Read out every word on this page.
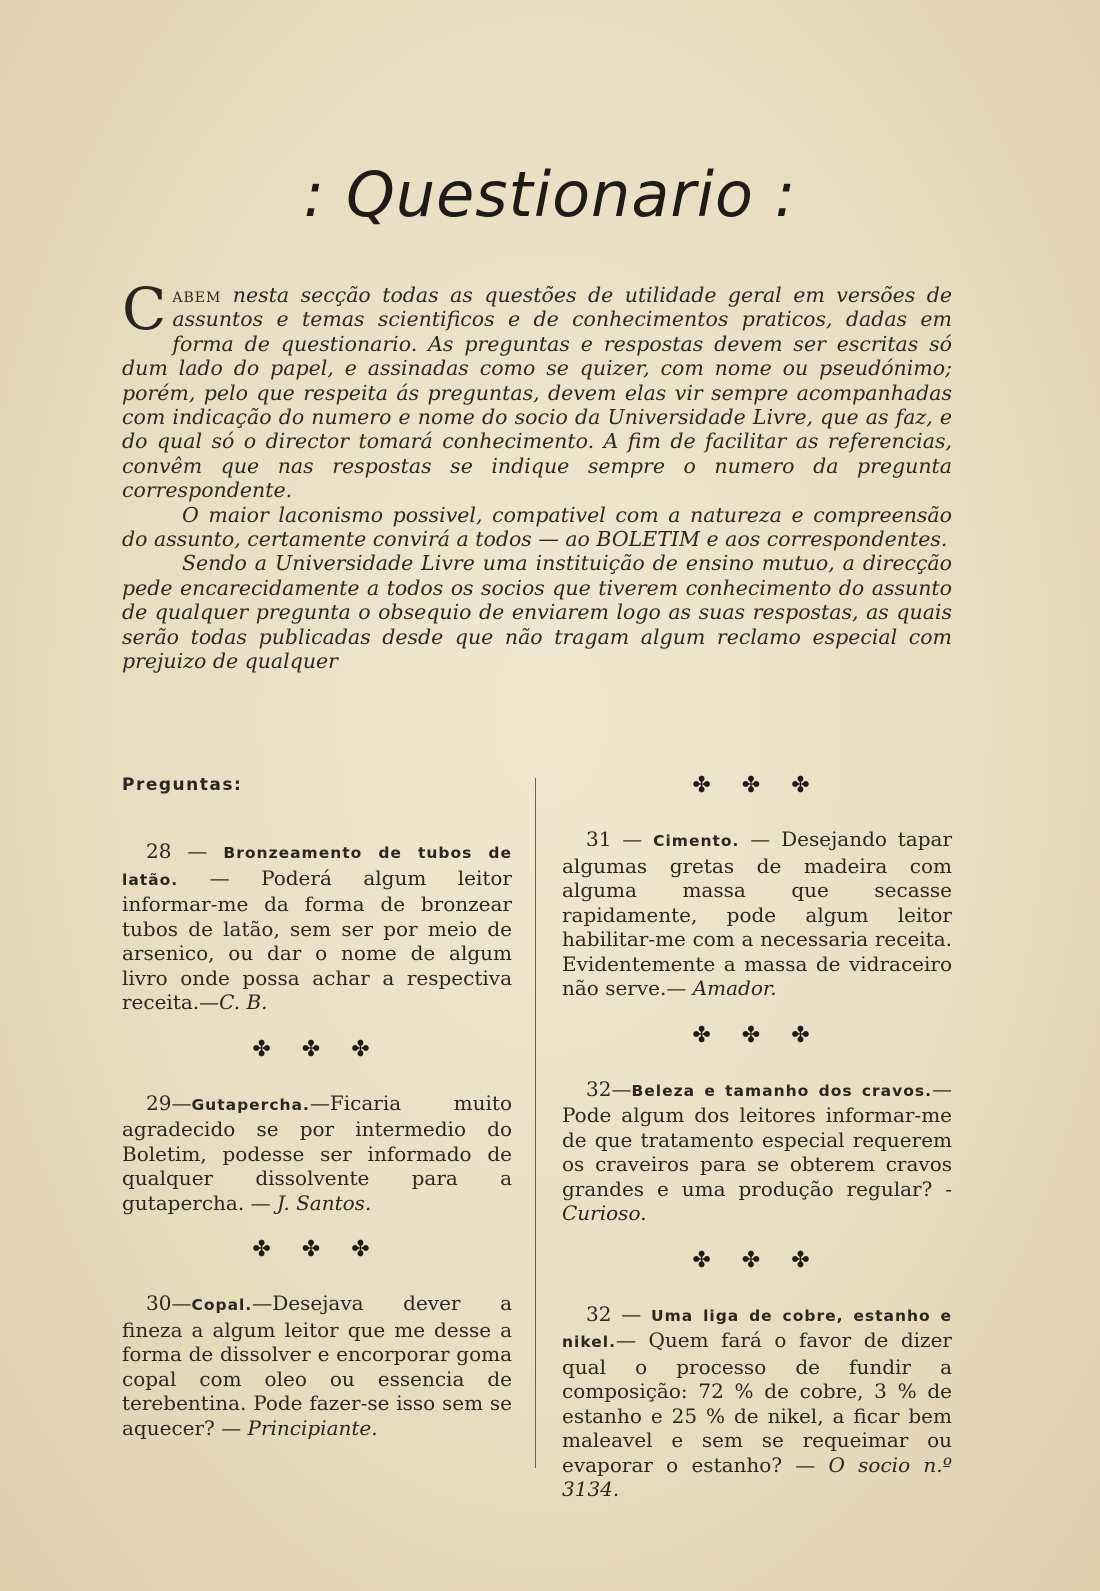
: Questionario :

Cabem nesta secção todas as questões de utilidade geral em versões de assuntos e temas scientificos e de conhecimentos praticos, dadas em forma de questionario. As preguntas e respostas devem ser escritas só dum lado do papel, e assinadas como se quizer, com nome ou pseudónimo; porém, pelo que respeita ás preguntas, devem elas vir sempre acompanhadas com indicação do numero e nome do socio da Universidade Livre, que as faz, e do qual só o director tomará conhecimento. A fim de facilitar as referencias, convêm que nas respostas se indique sempre o numero da pregunta correspondente.

O maior laconismo possivel, compativel com a natureza e compreensão do assunto, certamente convirá a todos — ao BOLETIM e aos correspondentes.

Sendo a Universidade Livre uma instituição de ensino mutuo, a direcção pede encarecidamente a todos os socios que tiverem conhecimento do assunto de qualquer pregunta o obsequio de enviarem logo as suas respostas, as quais serão todas publicadas desde que não tragam algum reclamo especial com prejuizo de qualquer

Preguntas:

28 — Bronzeamento de tubos de latão. — Poderá algum leitor informar-me da forma de bronzear tubos de latão, sem ser por meio de arsenico, ou dar o nome de algum livro onde possa achar a respectiva receita.—C. B.

✤ ✤ ✤

29—Gutapercha.—Ficaria muito agradecido se por intermedio do Boletim, podesse ser informado de qualquer dissolvente para a gutapercha. — J. Santos.

✤ ✤ ✤

30—Copal.—Desejava dever a fineza a algum leitor que me desse a forma de dissolver e encorporar goma copal com oleo ou essencia de terebentina. Pode fazer-se isso sem se aquecer? — Principiante.

✤ ✤ ✤

31 — Cimento. — Desejando tapar algumas gretas de madeira com alguma massa que secasse rapidamente, pode algum leitor habilitar-me com a necessaria receita. Evidentemente a massa de vidraceiro não serve.— Amador.

✤ ✤ ✤

32—Beleza e tamanho dos cravos.—Pode algum dos leitores informar-me de que tratamento especial requerem os craveiros para se obterem cravos grandes e uma produção regular? -Curioso.

✤ ✤ ✤

32 — Uma liga de cobre, estanho e nikel.— Quem fará o favor de dizer qual o processo de fundir a composição: 72 % de cobre, 3 % de estanho e 25 % de nikel, a ficar bem maleavel e sem se requeimar ou evaporar o estanho? — O socio n.º 3134.
